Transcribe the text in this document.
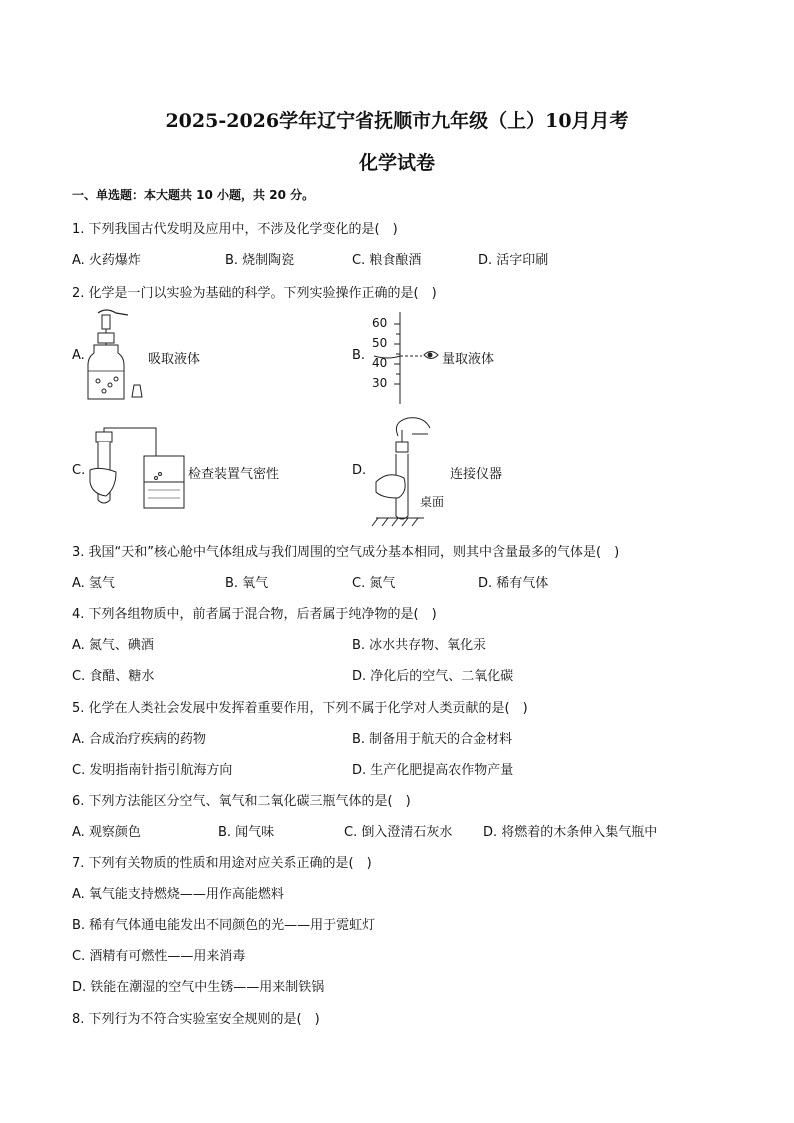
2025-2026学年辽宁省抚顺市九年级（上）10月月考
化学试卷
一、单选题：本大题共 10 小题，共 20 分。
1. 下列我国古代发明及应用中，不涉及化学变化的是(　)
A. 火药爆炸	B. 烧制陶瓷	C. 粮食酿酒	D. 活字印刷
2. 化学是一门以实验为基础的科学。下列实验操作正确的是(　)
A.	吸取液体	B.
60
50
40
30
量取液体
C.	检查装置气密性	D.	连接仪器
桌面
3. 我国“天和”核心舱中气体组成与我们周围的空气成分基本相同，则其中含量最多的气体是(　)
A. 氢气	B. 氧气	C. 氮气	D. 稀有气体
4. 下列各组物质中，前者属于混合物，后者属于纯净物的是(　)
A. 氮气、碘酒	B. 冰水共存物、氧化汞
C. 食醋、糖水	D. 净化后的空气、二氧化碳
5. 化学在人类社会发展中发挥着重要作用，下列不属于化学对人类贡献的是(　)
A. 合成治疗疾病的药物	B. 制备用于航天的合金材料
C. 发明指南针指引航海方向	D. 生产化肥提高农作物产量
6. 下列方法能区分空气、氧气和二氧化碳三瓶气体的是(　)
A. 观察颜色	B. 闻气味	C. 倒入澄清石灰水 D. 将燃着的木条伸入集气瓶中
7. 下列有关物质的性质和用途对应关系正确的是(　)
A. 氧气能支持燃烧——用作高能燃料
B. 稀有气体通电能发出不同颜色的光——用于霓虹灯
C. 酒精有可燃性——用来消毒
D. 铁能在潮湿的空气中生锈——用来制铁锅
8. 下列行为不符合实验室安全规则的是(　)
